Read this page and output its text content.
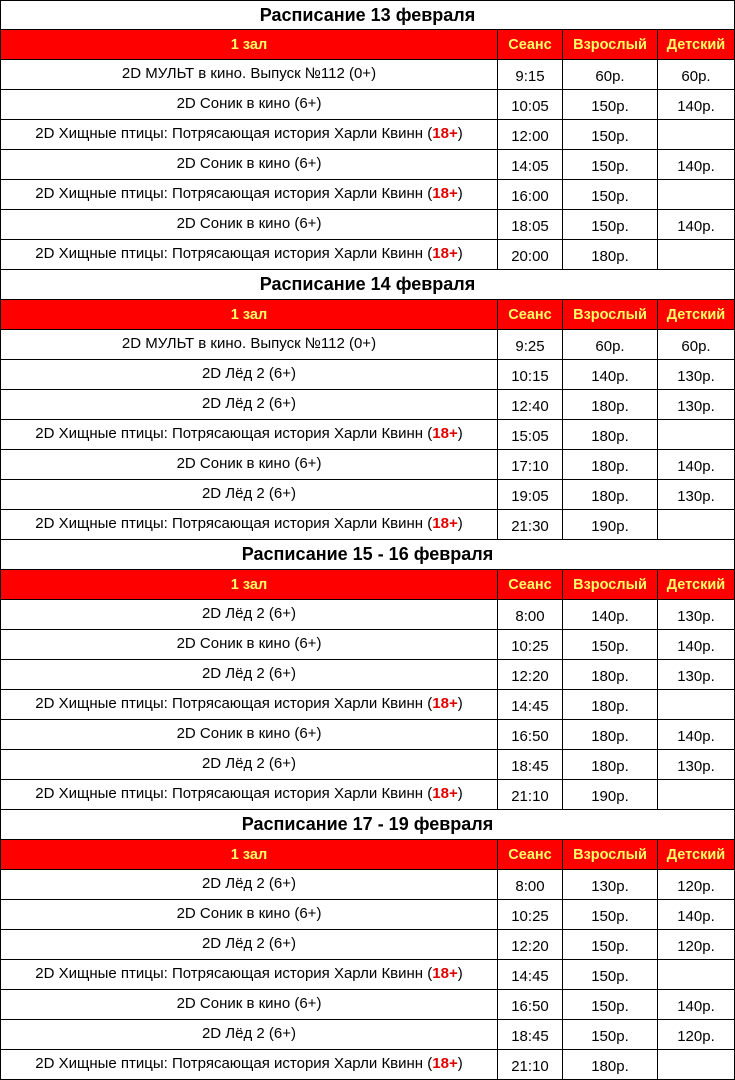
Расписание 13 февраля
1 зал	Сеанс	Взрослый	Детский
2D МУЛЬТ в кино. Выпуск №112 (0+)	9:15	60р.	60р.
2D Соник в кино (6+)	10:05	150р.	140р.
2D Хищные птицы: Потрясающая история Харли Квинн ( 18+ )	12:00	150р.
2D Соник в кино (6+)	14:05	150р.	140р.
2D Хищные птицы: Потрясающая история Харли Квинн ( 18+ )	16:00	150р.
2D Соник в кино (6+)	18:05	150р.	140р.
2D Хищные птицы: Потрясающая история Харли Квинн ( 18+ )	20:00	180р.
Расписание 14 февраля
1 зал	Сеанс	Взрослый	Детский
2D МУЛЬТ в кино. Выпуск №112 (0+)	9:25	60р.	60р.
2D Лёд 2 (6+)	10:15	140р.	130р.
2D Лёд 2 (6+)	12:40	180р.	130р.
2D Хищные птицы: Потрясающая история Харли Квинн ( 18+ )	15:05	180р.
2D Соник в кино (6+)	17:10	180р.	140р.
2D Лёд 2 (6+)	19:05	180р.	130р.
2D Хищные птицы: Потрясающая история Харли Квинн ( 18+ )	21:30	190р.
Расписание 15 - 16 февраля
1 зал	Сеанс	Взрослый	Детский
2D Лёд 2 (6+)	8:00	140р.	130р.
2D Соник в кино (6+)	10:25	150р.	140р.
2D Лёд 2 (6+)	12:20	180р.	130р.
2D Хищные птицы: Потрясающая история Харли Квинн ( 18+ )	14:45	180р.
2D Соник в кино (6+)	16:50	180р.	140р.
2D Лёд 2 (6+)	18:45	180р.	130р.
2D Хищные птицы: Потрясающая история Харли Квинн ( 18+ )	21:10	190р.
Расписание 17 - 19 февраля
1 зал	Сеанс	Взрослый	Детский
2D Лёд 2 (6+)	8:00	130р.	120р.
2D Соник в кино (6+)	10:25	150р.	140р.
2D Лёд 2 (6+)	12:20	150р.	120р.
2D Хищные птицы: Потрясающая история Харли Квинн ( 18+ )	14:45	150р.
2D Соник в кино (6+)	16:50	150р.	140р.
2D Лёд 2 (6+)	18:45	150р.	120р.
2D Хищные птицы: Потрясающая история Харли Квинн ( 18+ )	21:10	180р.
